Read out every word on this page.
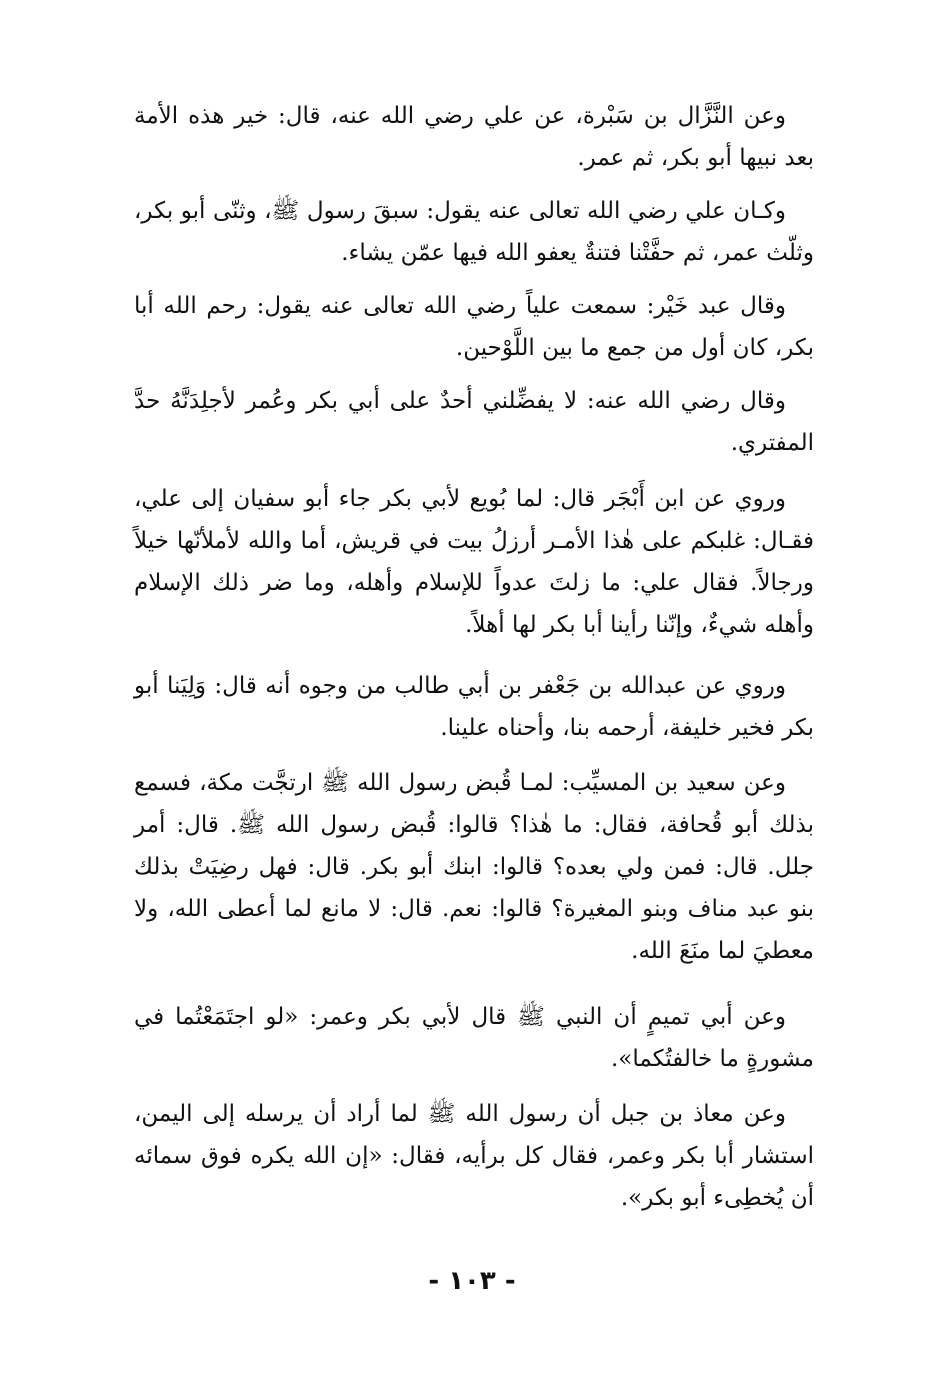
وعن النَّزَّال بن سَبْرة، عن علي رضي الله عنه، قال: خير هذه الأمة بعد نبيها أبو بكر، ثم عمر.

وكـان علي رضي الله تعالى عنه يقول: سبقَ رسول ﷺ، وثنّى أبو بكر، وثلّث عمر، ثم حفَّتْنا فتنةٌ يعفو الله فيها عمّن يشاء.

وقال عبد خَيْر: سمعت علياً رضي الله تعالى عنه يقول: رحم الله أبا بكر، كان أول من جمع ما بين اللَّوْحين.

وقال رضي الله عنه: لا يفضِّلني أحدٌ على أبي بكر وعُمر لأجلِدَنَّهُ حدَّ المفتري.

وروي عن ابن أَبْجَر قال: لما بُويع لأبي بكر جاء أبو سفيان إلى علي، فقـال: غلبكم على هٰذا الأمـر أرزلُ بيت في قريش، أما والله لأملأنّها خيلاً ورجالاً. فقال علي: ما زلتَ عدواً للإسلام وأهله، وما ضر ذلك الإسلام وأهله شيءٌ، وإنّنا رأينا أبا بكر لها أهلاً.

وروي عن عبدالله بن جَعْفر بن أبي طالب من وجوه أنه قال: وَلِيَنا أبو بكر فخير خليفة، أرحمه بنا، وأحناه علينا.

وعن سعيد بن المسيِّب: لمـا قُبض رسول الله ﷺ ارتجَّت مكة، فسمع بذلك أبو قُحافة، فقال: ما هٰذا؟ قالوا: قُبض رسول الله ﷺ. قال: أمر جلل. قال: فمن ولي بعده؟ قالوا: ابنك أبو بكر. قال: فهل رضِيَتْ بذلك بنو عبد مناف وبنو المغيرة؟ قالوا: نعم. قال: لا مانع لما أعطى الله، ولا معطيَ لما منَعَ الله.

وعن أبي تميمٍ أن النبي ﷺ قال لأبي بكر وعمر: «لو اجتَمَعْتُما في مشورةٍ ما خالفتُكما».

وعن معاذ بن جبل أن رسول الله ﷺ لما أراد أن يرسله إلى اليمن، استشار أبا بكر وعمر، فقال كل برأيه، فقال: «إن الله يكره فوق سمائه أن يُخطِىء أبو بكر».

- ١٠٣ -
